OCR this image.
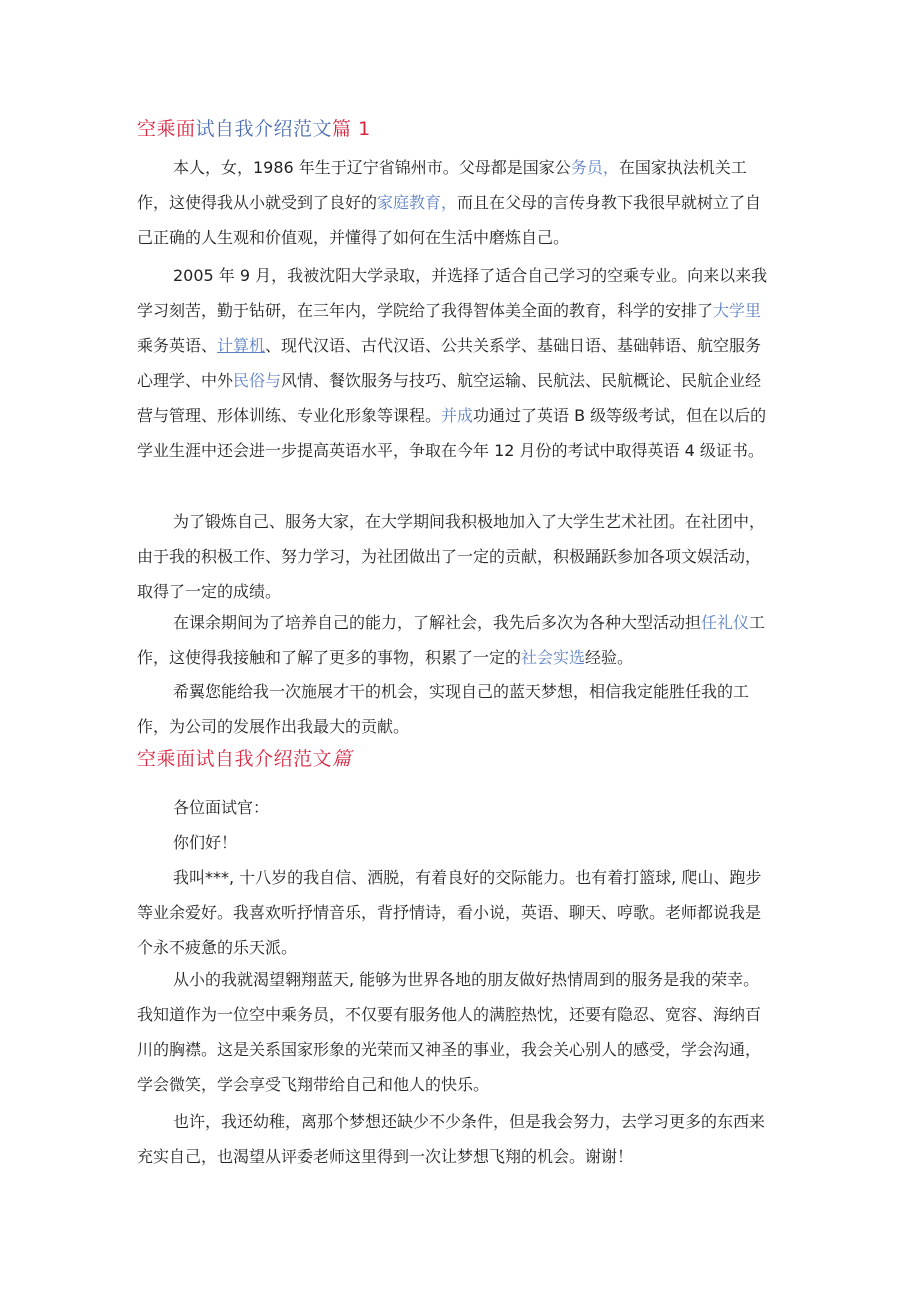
空乘面试自我介绍范文篇 1

本人，女，1986 年生于辽宁省锦州市。父母都是国家公务员，在国家执法机关工作，这使得我从小就受到了良好的家庭教育，而且在父母的言传身教下我很早就树立了自己正确的人生观和价值观，并懂得了如何在生活中磨炼自己。

2005 年 9 月，我被沈阳大学录取，并选择了适合自己学习的空乘专业。向来以来我学习刻苦，勤于钻研，在三年内，学院给了我得智体美全面的教育，科学的安排了大学里乘务英语、计算机、现代汉语、古代汉语、公共关系学、基础日语、基础韩语、航空服务心理学、中外民俗与风情、餐饮服务与技巧、航空运输、民航法、民航概论、民航企业经营与管理、形体训练、专业化形象等课程。并成功通过了英语 B 级等级考试，但在以后的学业生涯中还会进一步提高英语水平，争取在今年 12 月份的考试中取得英语 4 级证书。

为了锻炼自己、服务大家，在大学期间我积极地加入了大学生艺术社团。在社团中，由于我的积极工作、努力学习，为社团做出了一定的贡献，积极踊跃参加各项文娱活动，取得了一定的成绩。

在课余期间为了培养自己的能力，了解社会，我先后多次为各种大型活动担任礼仪工作，这使得我接触和了解了更多的事物，积累了一定的社会实选经验。

希翼您能给我一次施展才干的机会，实现自己的蓝天梦想，相信我定能胜任我的工作，为公司的发展作出我最大的贡献。

空乘面试自我介绍范文篇

各位面试官：

你们好！

我叫***, 十八岁的我自信、洒脱，有着良好的交际能力。也有着打篮球, 爬山、跑步等业余爱好。我喜欢听抒情音乐，背抒情诗，看小说，英语、聊天、哼歌。老师都说我是个永不疲惫的乐天派。

从小的我就渴望翱翔蓝天, 能够为世界各地的朋友做好热情周到的服务是我的荣幸。我知道作为一位空中乘务员，不仅要有服务他人的满腔热忱，还要有隐忍、宽容、海纳百川的胸襟。这是关系国家形象的光荣而又神圣的事业，我会关心别人的感受，学会沟通，学会微笑，学会享受飞翔带给自己和他人的快乐。

也许，我还幼稚，离那个梦想还缺少不少条件，但是我会努力，去学习更多的东西来充实自己，也渴望从评委老师这里得到一次让梦想飞翔的机会。谢谢！
